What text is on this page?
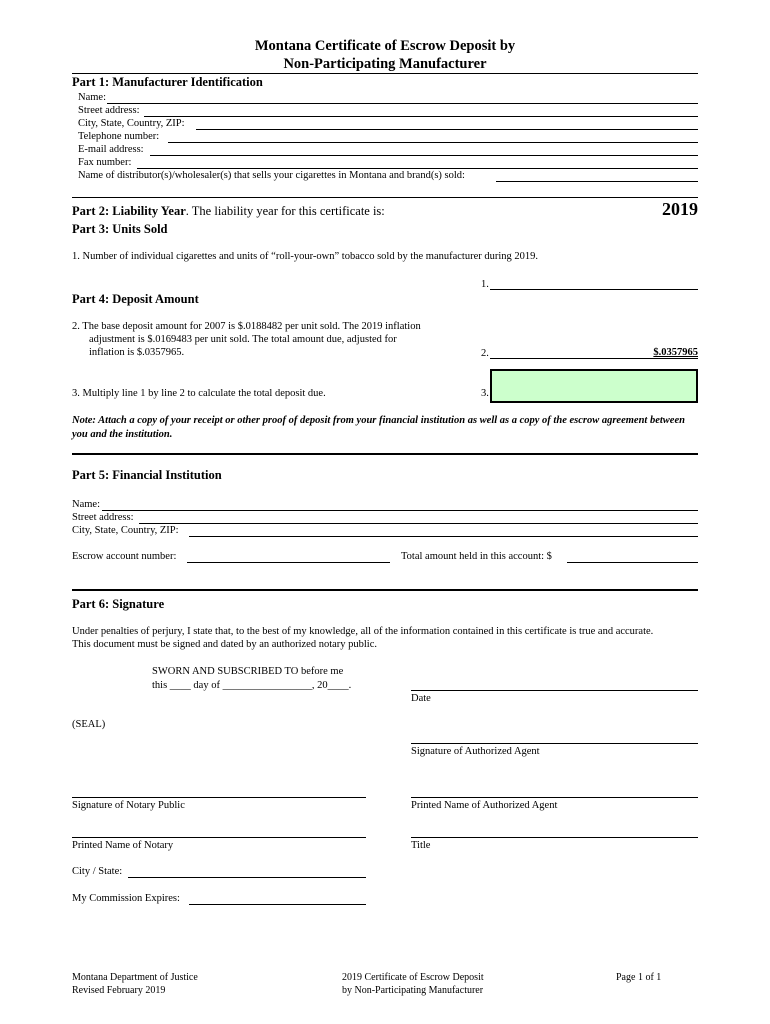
Montana Certificate of Escrow Deposit by
Non-Participating Manufacturer
Part 1: Manufacturer Identification
Name:
Street address:
City, State, Country, ZIP:
Telephone number:
E-mail address:
Fax number:
Name of distributor(s)/wholesaler(s) that sells your cigarettes in Montana and brand(s) sold:
Part 2: Liability Year. The liability year for this certificate is:	2019
Part 3: Units Sold
1. Number of individual cigarettes and units of “roll-your-own” tobacco sold by the manufacturer during 2019.
1.
Part 4: Deposit Amount
2. The base deposit amount for 2007 is $.0188482 per unit sold. The 2019 inflation
adjustment is $.0169483 per unit sold. The total amount due, adjusted for
inflation is $.0357965.	2.	$.0357965
3. Multiply line 1 by line 2 to calculate the total deposit due.	3.
Note: Attach a copy of your receipt or other proof of deposit from your financial institution as well as a copy of the escrow agreement between you and the institution.
Part 5: Financial Institution
Name:
Street address:
City, State, Country, ZIP:
Escrow account number:	Total amount held in this account: $
Part 6: Signature
Under penalties of perjury, I state that, to the best of my knowledge, all of the information contained in this certificate is true and accurate.
This document must be signed and dated by an authorized notary public.
SWORN AND SUBSCRIBED TO before me
this ____ day of _________________, 20____.
Date
(SEAL)
Signature of Authorized Agent
Signature of Notary Public	Printed Name of Authorized Agent
Printed Name of Notary	Title
City / State:
My Commission Expires:
Montana Department of Justice
Revised February 2019
2019 Certificate of Escrow Deposit
by Non-Participating Manufacturer
Page 1 of 1
